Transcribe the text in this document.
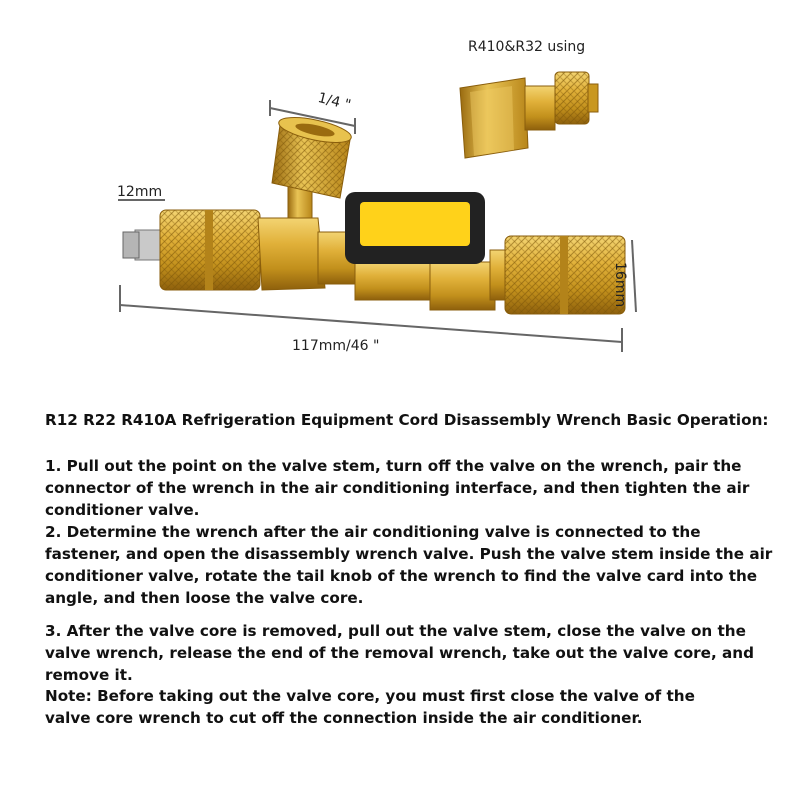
R410&R32 using
1/4 "
12mm
117mm/46 "
16mm
R12 R22 R410A Refrigeration Equipment Cord Disassembly Wrench Basic Operation:
1. Pull out the point on the valve stem, turn off the valve on the wrench, pair the connector of the wrench in the air conditioning interface, and then tighten the air conditioner valve.
2. Determine the wrench after the air conditioning valve is connected to the fastener, and open the disassembly wrench valve. Push the valve stem inside the air conditioner valve, rotate the tail knob of the wrench to find the valve card into the angle, and then loose the valve core.
3. After the valve core is removed, pull out the valve stem, close the valve on the valve wrench, release the end of the removal wrench, take out the valve core, and remove it.
Note: Before taking out the valve core, you must first close the valve of the valve core wrench to cut off the connection inside the air conditioner.
